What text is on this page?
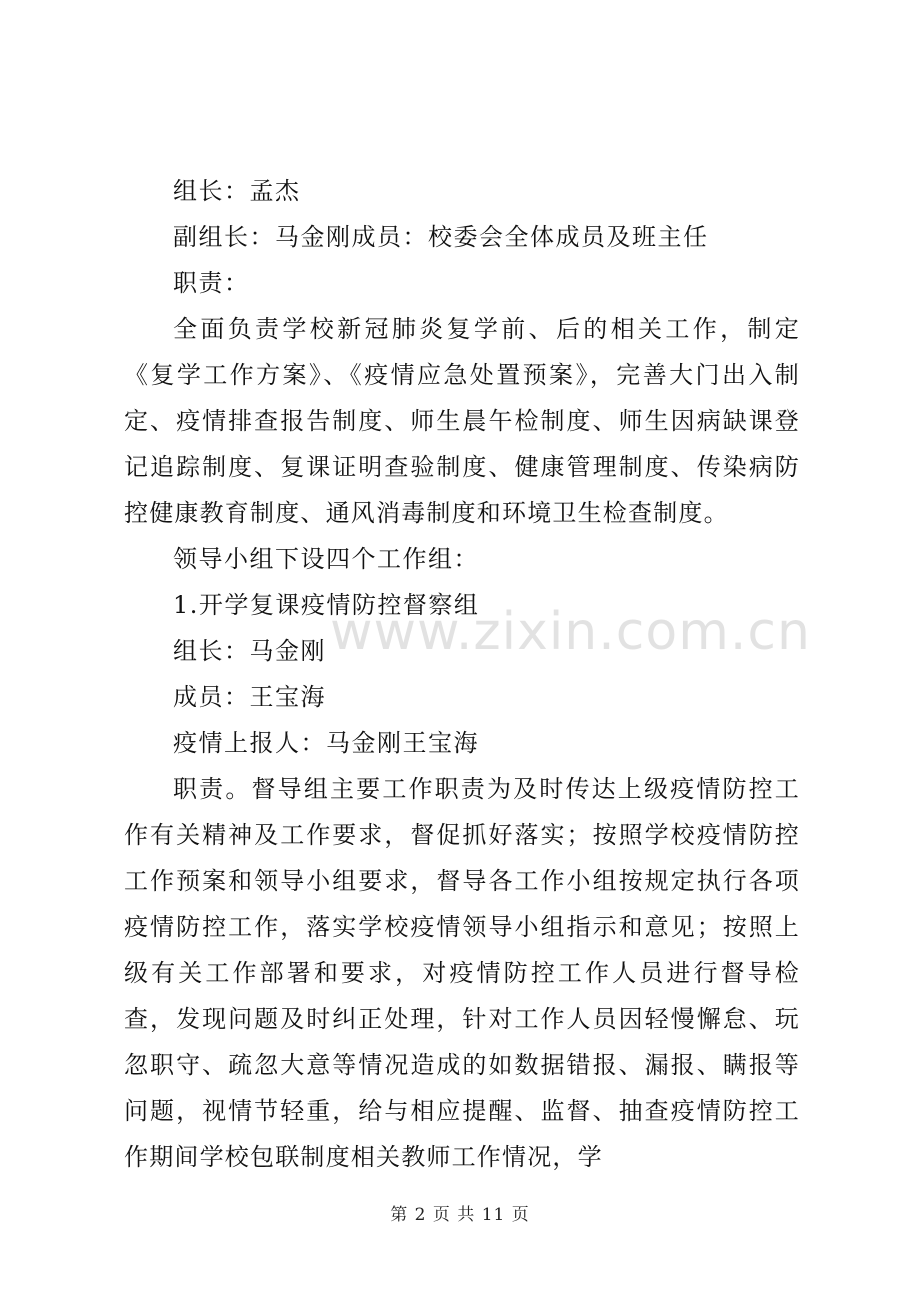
组长：孟杰
副组长：马金刚成员：校委会全体成员及班主任
职责：

全面负责学校新冠肺炎复学前、后的相关工作，制定《复学工作方案》、《疫情应急处置预案》，完善大门出入制定、疫情排查报告制度、师生晨午检制度、师生因病缺课登记追踪制度、复课证明查验制度、健康管理制度、传染病防控健康教育制度、通风消毒制度和环境卫生检查制度。

领导小组下设四个工作组：
1.开学复课疫情防控督察组
组长：马金刚
成员：王宝海
疫情上报人：马金刚王宝海

职责。督导组主要工作职责为及时传达上级疫情防控工作有关精神及工作要求，督促抓好落实；按照学校疫情防控工作预案和领导小组要求，督导各工作小组按规定执行各项疫情防控工作，落实学校疫情领导小组指示和意见；按照上级有关工作部署和要求，对疫情防控工作人员进行督导检查，发现问题及时纠正处理，针对工作人员因轻慢懈怠、玩忽职守、疏忽大意等情况造成的如数据错报、漏报、瞒报等问题，视情节轻重，给与相应提醒、监督、抽查疫情防控工作期间学校包联制度相关教师工作情况，学

www.zixin.com.cn
第 2 页 共 11 页
